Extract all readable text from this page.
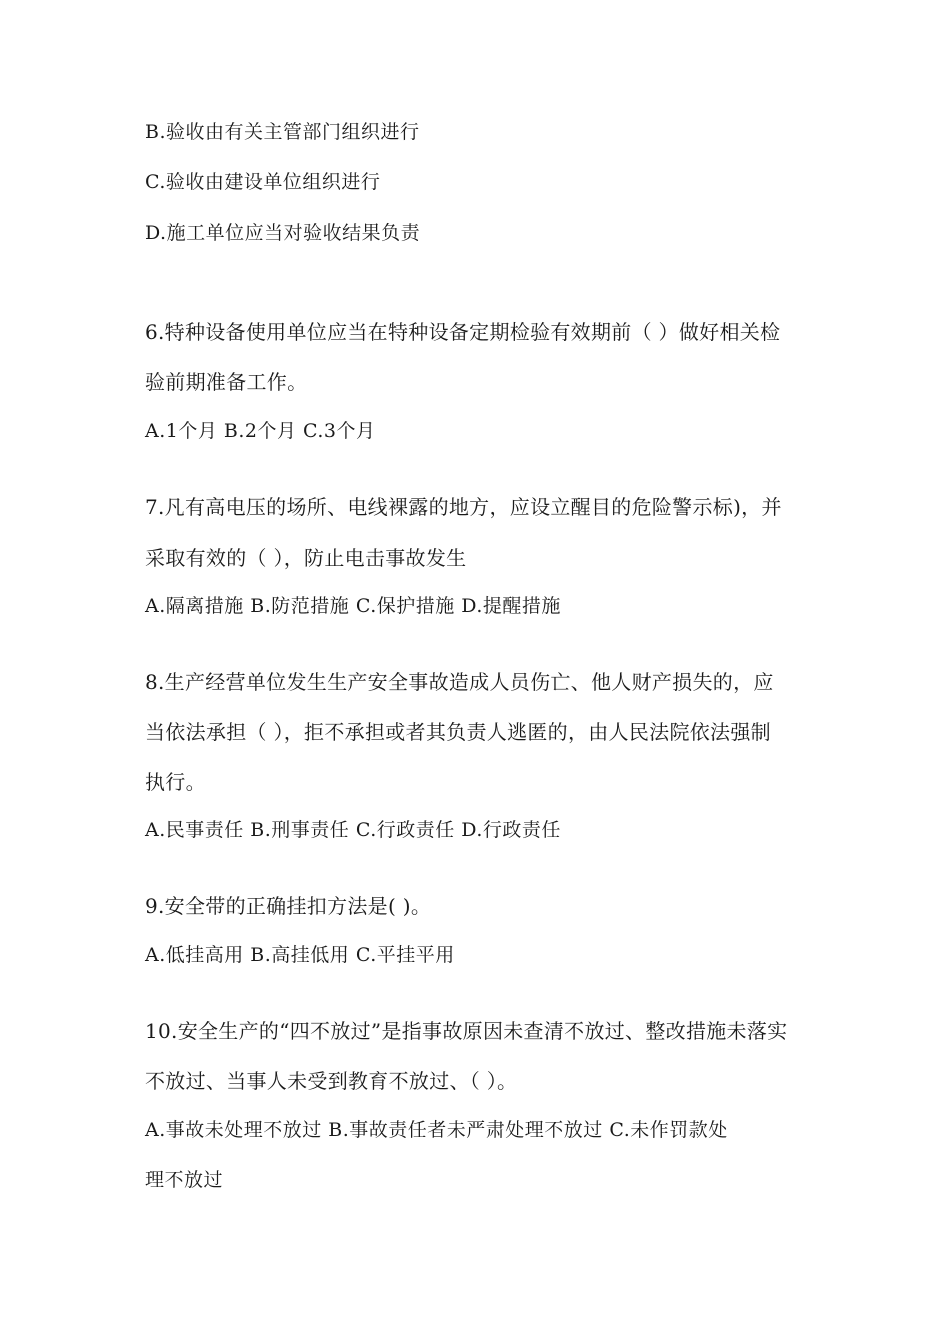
B.验收由有关主管部门组织进行
C.验收由建设单位组织进行
D.施工单位应当对验收结果负责
6.特种设备使用单位应当在特种设备定期检验有效期前（ ）做好相关检
验前期准备工作。
A.1个月 B.2个月 C.3个月
7.凡有高电压的场所、电线裸露的地方，应设立醒目的危险警示标)，并
采取有效的（ ），防止电击事故发生
A.隔离措施 B.防范措施 C.保护措施 D.提醒措施
8.生产经营单位发生生产安全事故造成人员伤亡、他人财产损失的，应
当依法承担（ ），拒不承担或者其负责人逃匿的，由人民法院依法强制
执行。
A.民事责任 B.刑事责任 C.行政责任 D.行政责任
9.安全带的正确挂扣方法是( )。
A.低挂高用 B.高挂低用 C.平挂平用
10.安全生产的“四不放过”是指事故原因未查清不放过、整改措施未落实
不放过、当事人未受到教育不放过、（ ）。
A.事故未处理不放过 B.事故责任者未严肃处理不放过 C.未作罚款处
理不放过
